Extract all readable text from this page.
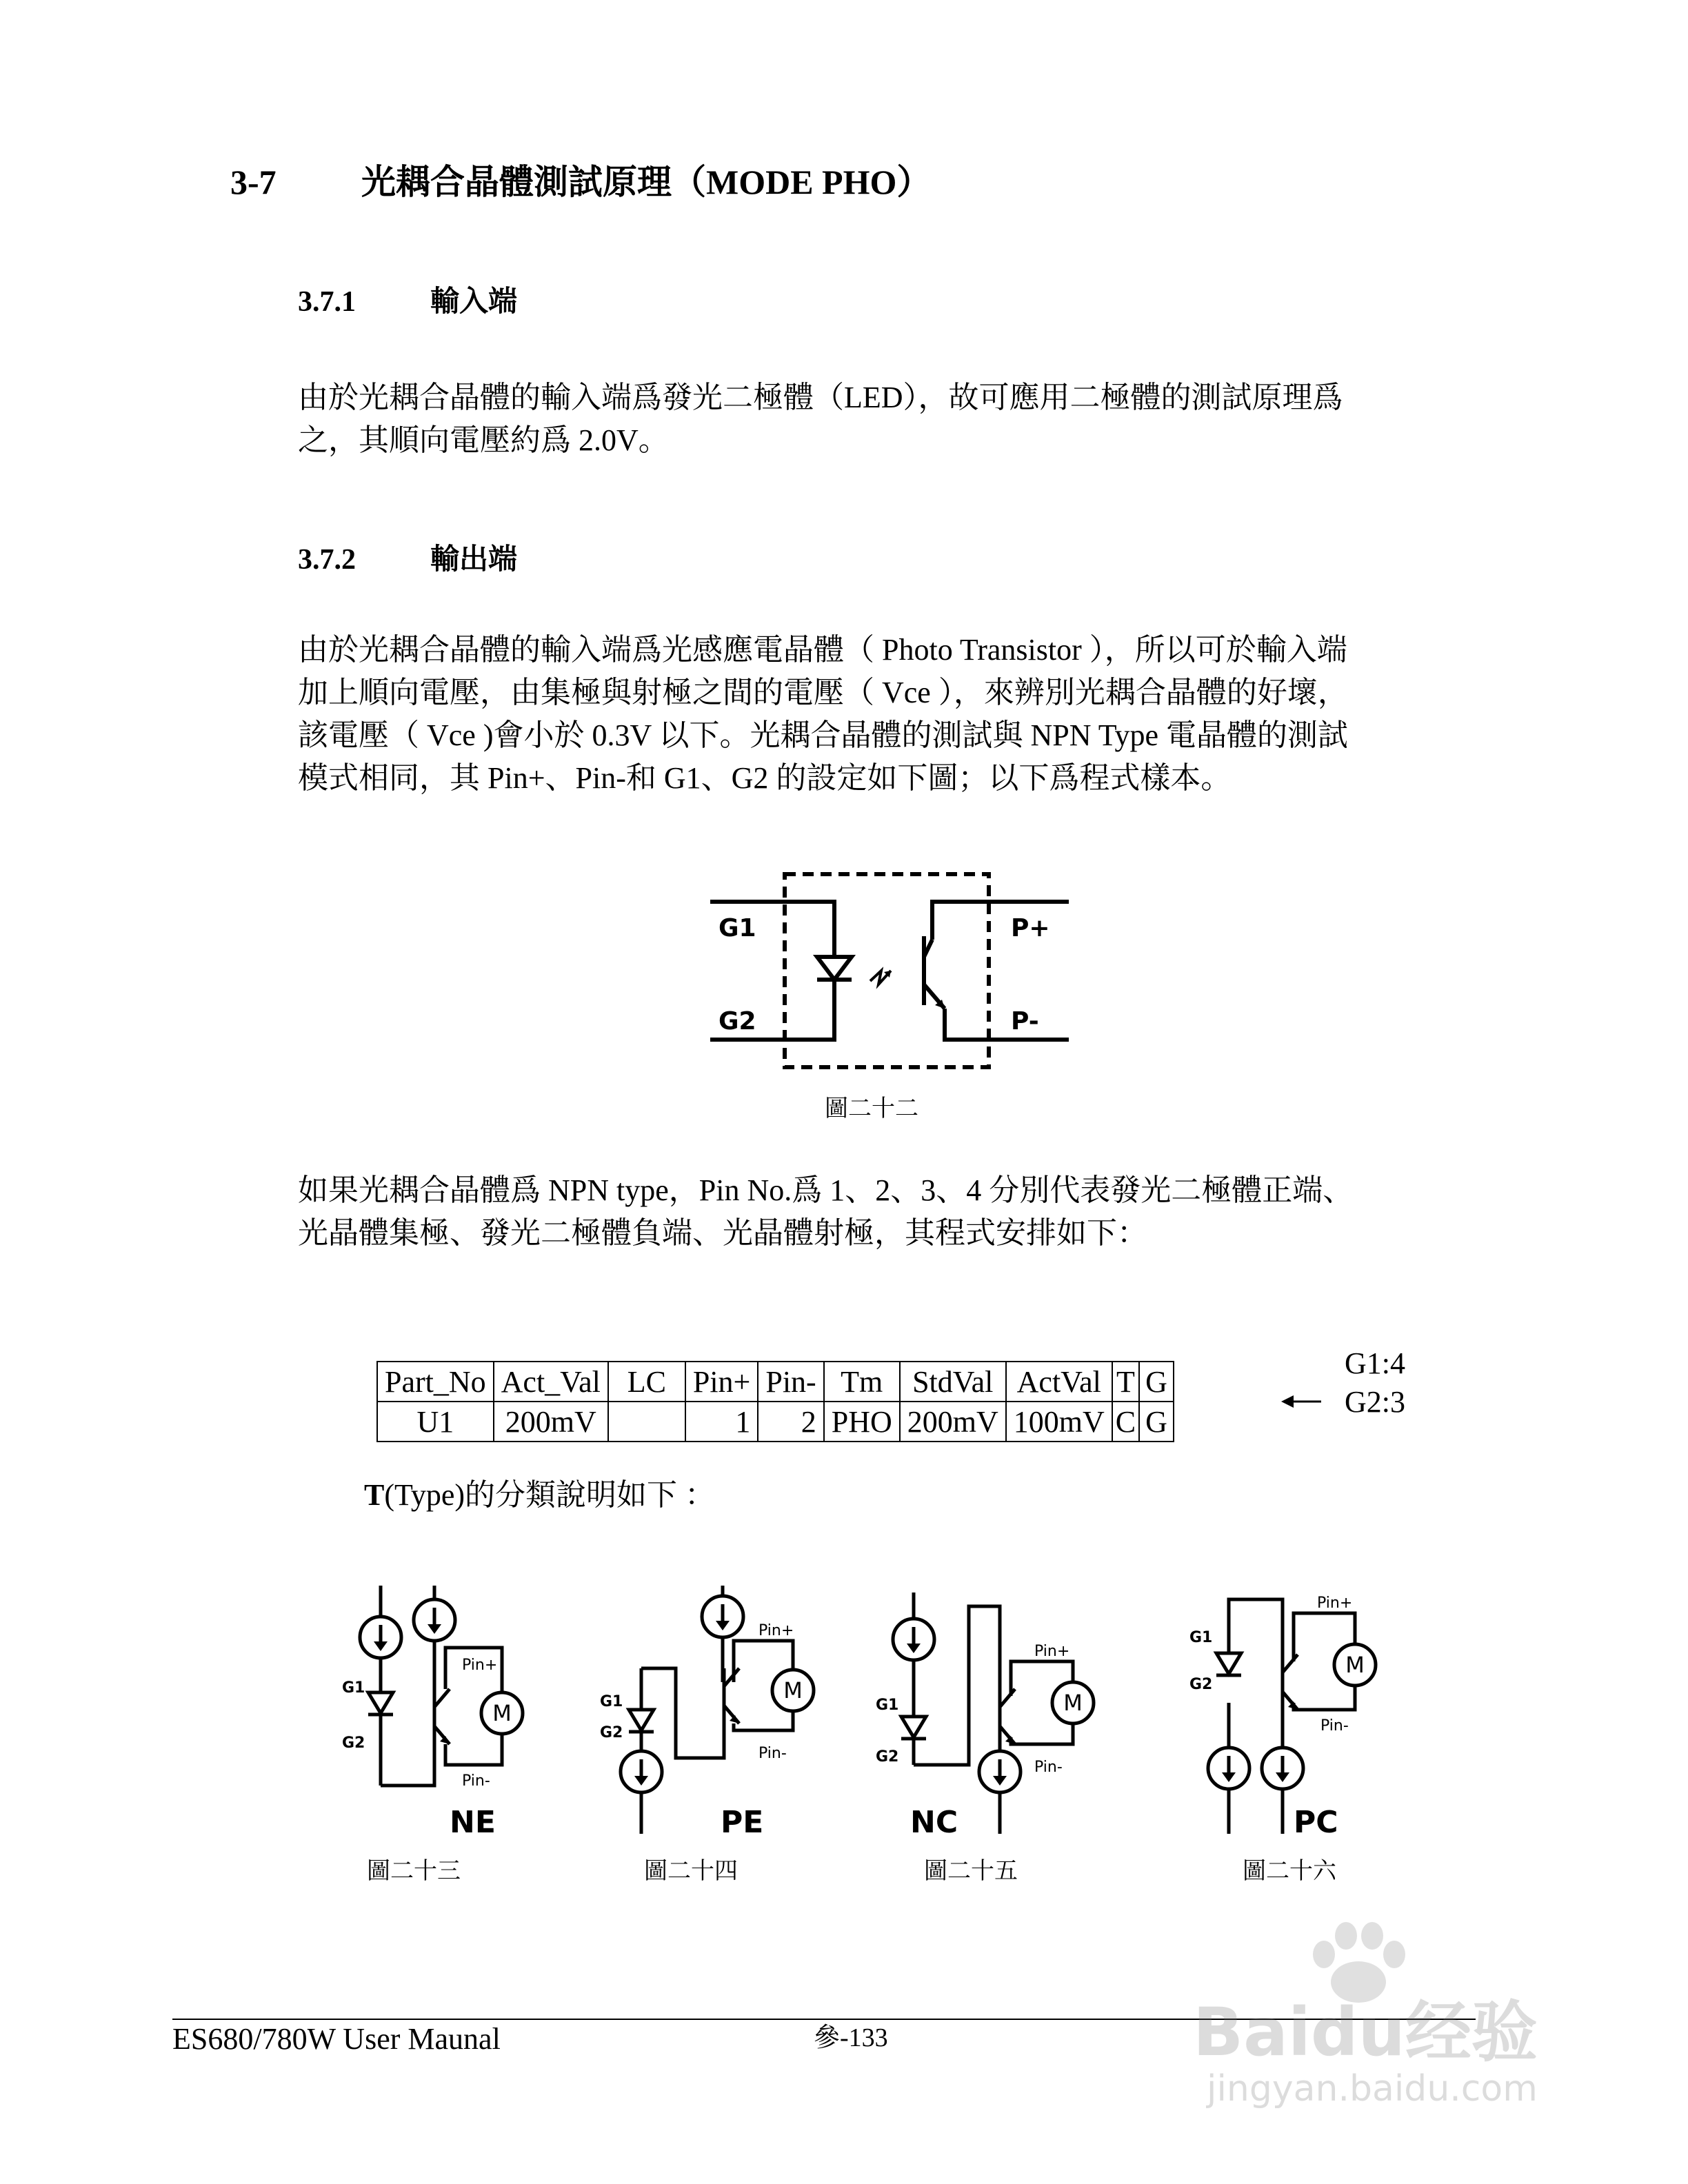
3-7 光耦合晶體測試原理（MODE PHO）
3.7.1	輸入端

由於光耦合晶體的輸入端爲發光二極體（LED），故可應用二極體的測試原理爲

之，其順向電壓約爲 2.0V。

3.7.2	輸出端

由於光耦合晶體的輸入端爲光感應電晶體（ Photo Transistor ），所以可於輸入端

加上順向電壓，由集極與射極之間的電壓（ Vce ），來辨別光耦合晶體的好壞，

該電壓（ Vce )會小於 0.3V 以下。光耦合晶體的測試與 NPN Type 電晶體的測試

模式相同，其 Pin+、Pin-和 G1、G2 的設定如下圖；以下爲程式樣本。

G1
G2
P+
P-
圖二十二

如果光耦合晶體爲 NPN type，Pin No.爲 1、2、3、4 分別代表發光二極體正端、

光晶體集極、發光二極體負端、光晶體射極，其程式安排如下：

Part_No	Act_Val	LC	Pin+	Pin-	Tm	StdVal	ActVal	T	G
U1	200mV		1	2	PHO	200mV	100mV	C	G
G1:4
G2:3
T(Type)的分類說明如下 ：
M
G1
G2
Pin+
Pin-
NE
M
G1
G2
Pin+
Pin-
PE
M
G1
G2
Pin+
Pin-
NC
M
G1
G2
Pin+
Pin-
PC
圖二十三	圖二十四	圖二十五	圖二十六
ES680/780W User Maunal	參-133	Baidu经验
jingyan.baidu.com
